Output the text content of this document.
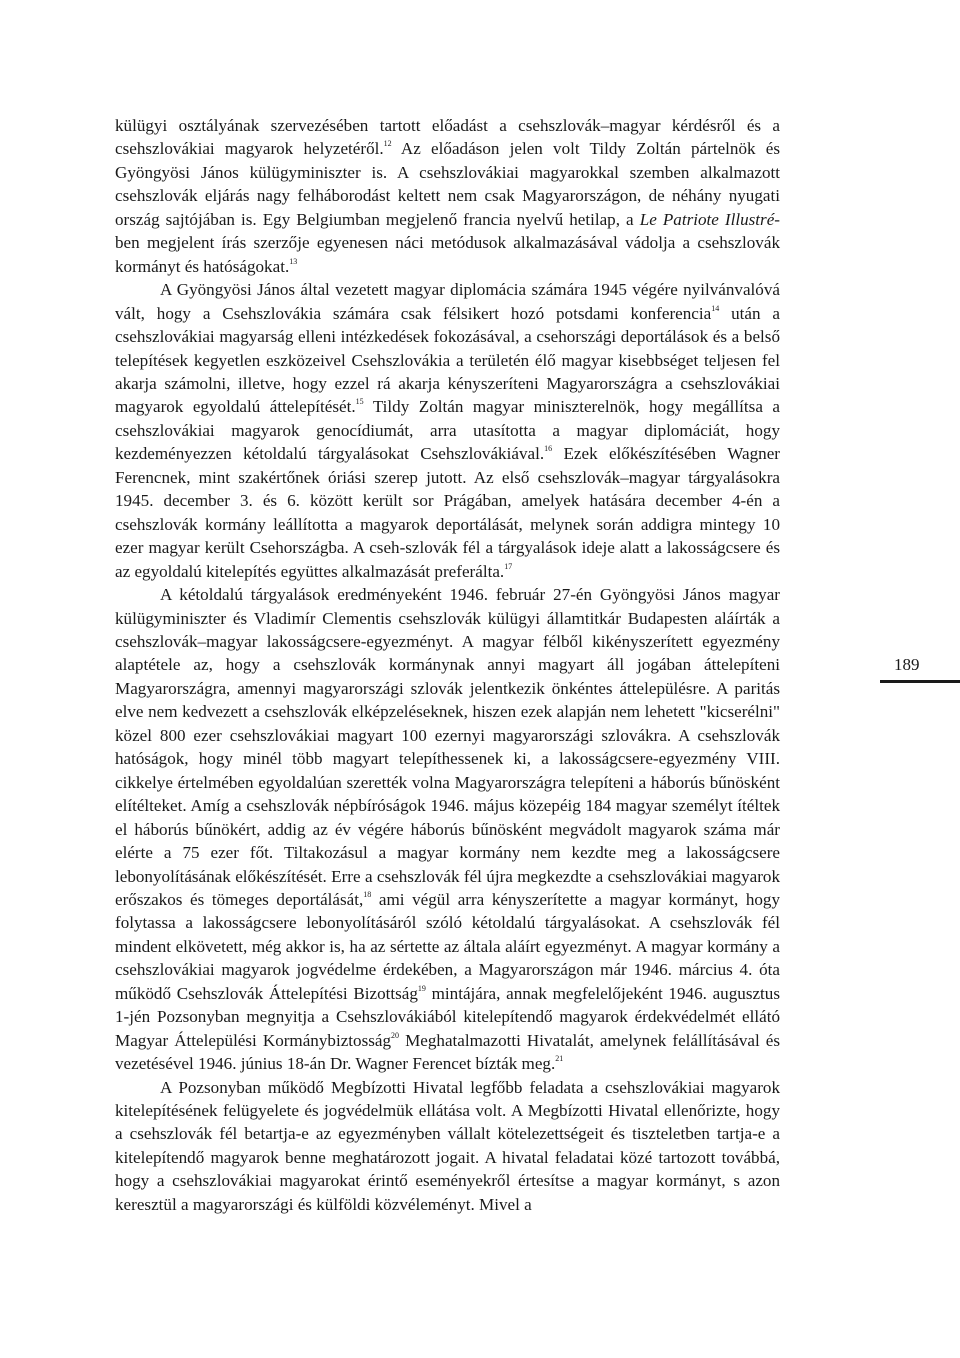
külügyi osztályának szervezésében tartott előadást a csehszlovák–magyar kérdésről és a csehszlovákiai magyarok helyzetéről.$^{12}$ Az előadáson jelen volt Tildy Zoltán pártelnök és Gyöngyösi János külügyminiszter is. A csehszlovákiai magyarokkal szemben alkalmazott csehszlovák eljárás nagy felháborodást keltett nem csak Magyarországon, de néhány nyugati ország sajtójában is. Egy Belgiumban megjelenő francia nyelvű hetilap, a Le Patriote Illustré-ben megjelent írás szerzője egyenesen náci metódusok alkalmazásával vádolja a csehszlovák kormányt és hatóságokat.$^{13}$

A Gyöngyösi János által vezetett magyar diplomácia számára 1945 végére nyilvánvalóvá vált, hogy a Csehszlovákia számára csak félsikert hozó potsdami konferencia$^{14}$ után a csehszlovákiai magyarság elleni intézkedések fokozásával, a csehországi deportálások és a belső telepítések kegyetlen eszközeivel Csehszlovákia a területén élő magyar kisebbséget teljesen fel akarja számolni, illetve, hogy ezzel rá akarja kényszeríteni Magyarországra a csehszlovákiai magyarok egyoldalú áttelepítését.$^{15}$ Tildy Zoltán magyar miniszterelnök, hogy megállítsa a csehszlovákiai magyarok genocídiumát, arra utasította a magyar diplomáciát, hogy kezdeményezzen kétoldalú tárgyalásokat Csehszlovákiával.$^{16}$ Ezek előkészítésében Wagner Ferencnek, mint szakértőnek óriási szerep jutott. Az első csehszlovák–magyar tárgyalásokra 1945. december 3. és 6. között került sor Prágában, amelyek hatására december 4-én a csehszlovák kormány leállította a magyarok deportálását, melynek során addigra mintegy 10 ezer magyar került Csehországba. A cseh-szlovák fél a tárgyalások ideje alatt a lakosságcsere és az egyoldalú kitelepítés együttes alkalmazását preferálta.$^{17}$

A kétoldalú tárgyalások eredményeként 1946. február 27-én Gyöngyösi János magyar külügyminiszter és Vladimír Clementis csehszlovák külügyi államtitkár Budapesten aláírták a csehszlovák–magyar lakosságcsere-egyezményt. A magyar félből kikényszerített egyezmény alaptétele az, hogy a csehszlovák kormánynak annyi magyart áll jogában áttelepíteni Magyarországra, amennyi magyarországi szlovák jelentkezik önkéntes áttelepülésre. A paritás elve nem kedvezett a csehszlovák elképzeléseknek, hiszen ezek alapján nem lehetett "kicserélni" közel 800 ezer csehszlovákiai magyart 100 ezernyi magyarországi szlovákra. A csehszlovák hatóságok, hogy minél több magyart telepíthessenek ki, a lakosságcsere-egyezmény VIII. cikkelye értelmében egyoldalúan szerették volna Magyarországra telepíteni a háborús bűnösként elítélteket. Amíg a csehszlovák népbíróságok 1946. május közepéig 184 magyar személyt ítéltek el háborús bűnökért, addig az év végére háborús bűnösként megvádolt magyarok száma már elérte a 75 ezer főt. Tiltakozásul a magyar kormány nem kezdte meg a lakosságcsere lebonyolításának előkészítését. Erre a csehszlovák fél újra megkezdte a csehszlovákiai magyarok erőszakos és tömeges deportálását,$^{18}$ ami végül arra kényszerítette a magyar kormányt, hogy folytassa a lakosságcsere lebonyolításáról szóló kétoldalú tárgyalásokat. A csehszlovák fél mindent elkövetett, még akkor is, ha az sértette az általa aláírt egyezményt. A magyar kormány a csehszlovákiai magyarok jogvédelme érdekében, a Magyarországon már 1946. március 4. óta működő Csehszlovák Áttelepítési Bizottság$^{19}$ mintájára, annak megfelelőjeként 1946. augusztus 1-jén Pozsonyban megnyitja a Csehszlovákiából kitelepítendő magyarok érdekvédelmét ellátó Magyar Áttelepülési Kormánybiztosság$^{20}$ Meghatalmazotti Hivatalát, amelynek felállításával és vezetésével 1946. június 18-án Dr. Wagner Ferencet bízták meg.$^{21}$

A Pozsonyban működő Megbízotti Hivatal legfőbb feladata a csehszlovákiai magyarok kitelepítésének felügyelete és jogvédelmük ellátása volt. A Megbízotti Hivatal ellenőrizte, hogy a csehszlovák fél betartja-e az egyezményben vállalt kötelezettségeit és tiszteletben tartja-e a kitelepítendő magyarok benne meghatározott jogait. A hivatal feladatai közé tartozott továbbá, hogy a csehszlovákiai magyarokat érintő eseményekről értesítse a magyar kormányt, s azon keresztül a magyarországi és külföldi közvéleményt. Mivel a

189
